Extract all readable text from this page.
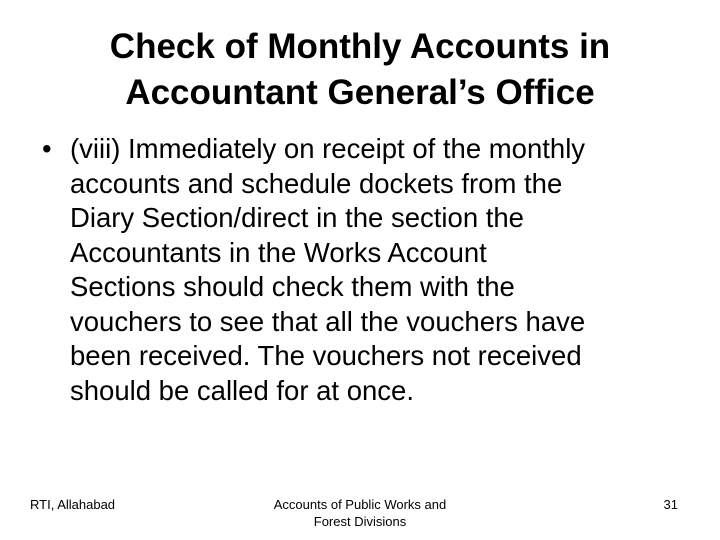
Check of Monthly Accounts in
Accountant General’s Office
• (viii) Immediately on receipt of the monthly
accounts and schedule dockets from the
Diary Section/direct in the section the
Accountants in the Works Account
Sections should check them with the
vouchers to see that all the vouchers have
been received. The vouchers not received
should be called for at once.
RTI, Allahabad	Accounts of Public Works and
Forest Divisions
31
